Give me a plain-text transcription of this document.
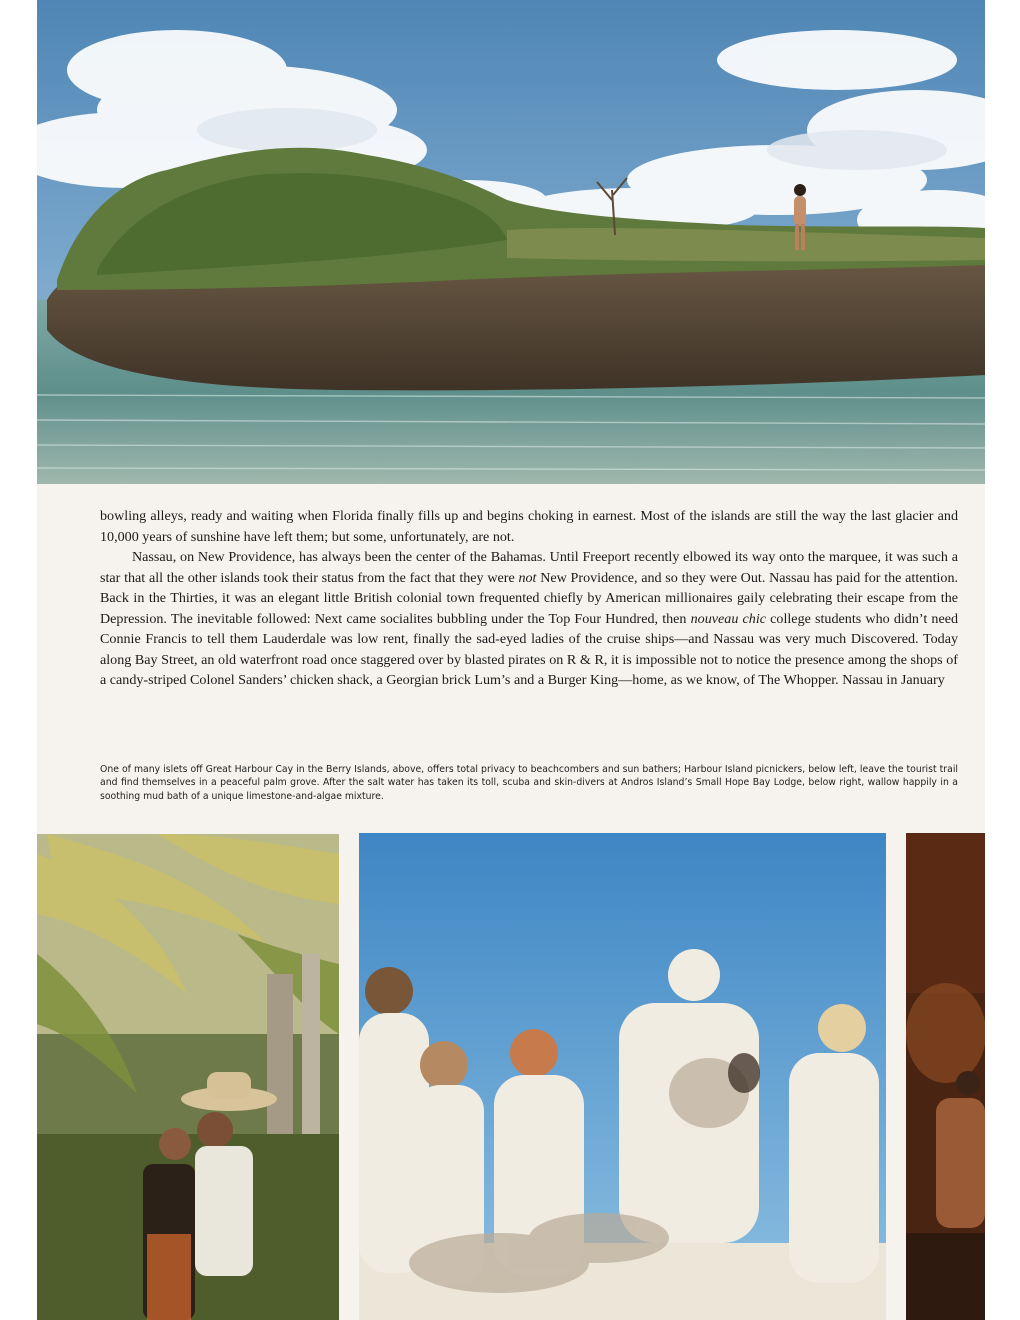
bowling alleys, ready and waiting when Florida finally fills up and begins choking in earnest. Most of the islands are still the way the last glacier and 10,000 years of sunshine have left them; but some, unfortunately, are not.

Nassau, on New Providence, has always been the center of the Bahamas. Until Freeport recently elbowed its way onto the marquee, it was such a star that all the other islands took their status from the fact that they were not New Providence, and so they were Out. Nassau has paid for the attention. Back in the Thirties, it was an elegant little British colonial town frequented chiefly by American millionaires gaily celebrating their escape from the Depression. The inevitable followed: Next came socialites bubbling under the Top Four Hundred, then nouveau chic college students who didn’t need Connie Francis to tell them Lauderdale was low rent, finally the sad-eyed ladies of the cruise ships—and Nassau was very much Discovered. Today along Bay Street, an old waterfront road once staggered over by blasted pirates on R & R, it is impossible not to notice the presence among the shops of a candy-striped Colonel Sanders’ chicken shack, a Georgian brick Lum’s and a Burger King—home, as we know, of The Whopper. Nassau in January

One of many islets off Great Harbour Cay in the Berry Islands, above, offers total privacy to beachcombers and sun bathers; Harbour Island picnickers, below left, leave the tourist trail and find themselves in a peaceful palm grove. After the salt water has taken its toll, scuba and skin-divers at Andros Island’s Small Hope Bay Lodge, below right, wallow happily in a soothing mud bath of a unique limestone-and-algae mixture.
